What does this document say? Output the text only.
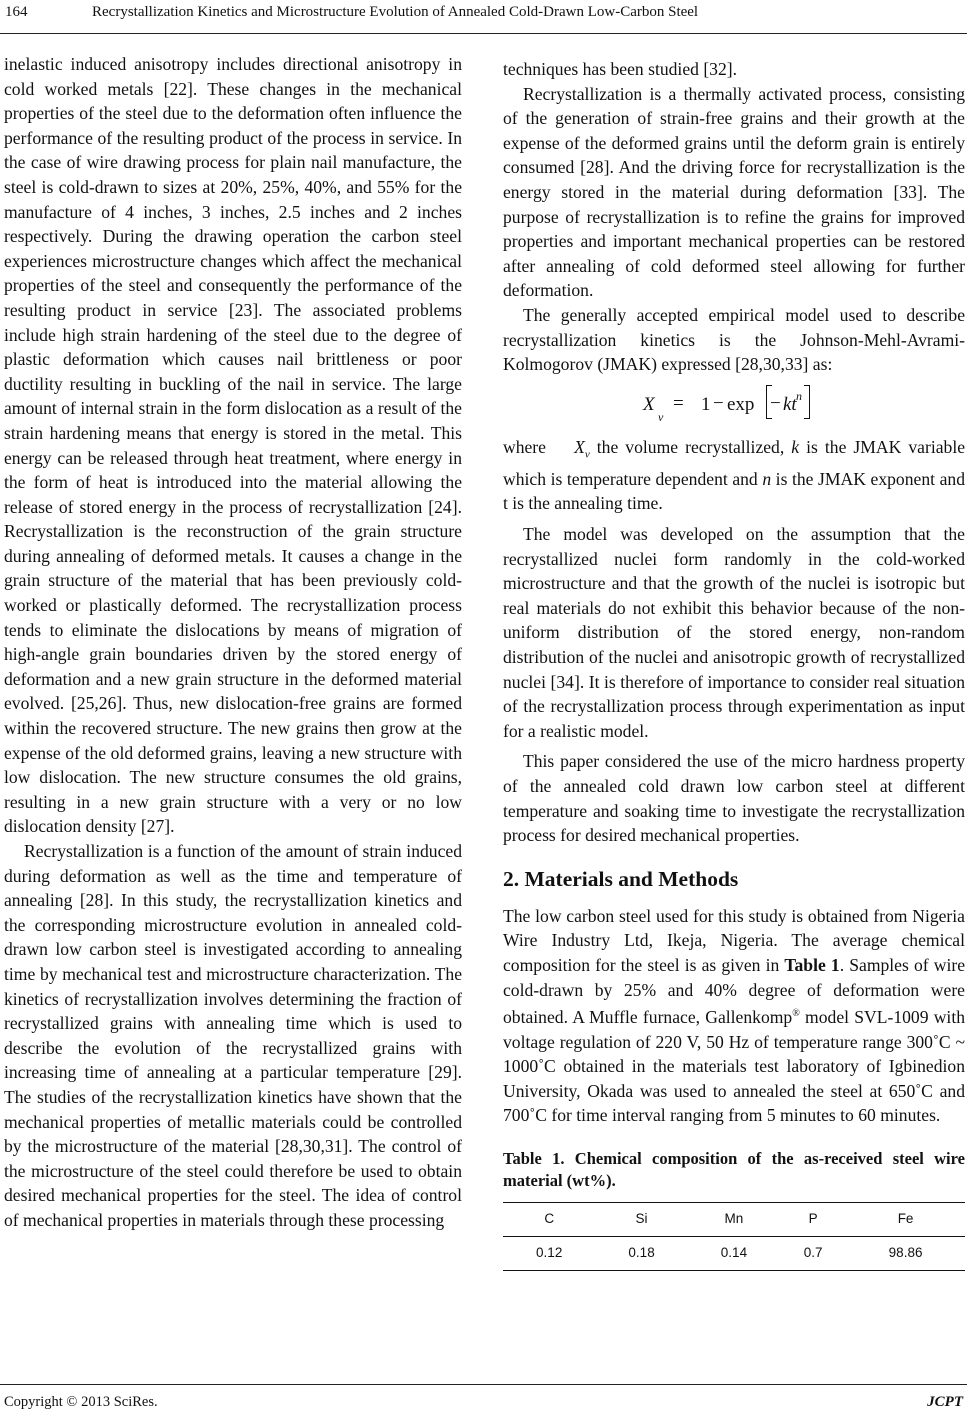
164	Recrystallization Kinetics and Microstructure Evolution of Annealed Cold-Drawn Low-Carbon Steel

inelastic induced anisotropy includes directional anisotropy in cold worked metals [22]. These changes in the mechanical properties of the steel due to the deformation often influence the performance of the resulting product of the process in service. In the case of wire drawing process for plain nail manufacture, the steel is cold-drawn to sizes at 20%, 25%, 40%, and 55% for the manufacture of 4 inches, 3 inches, 2.5 inches and 2 inches respectively. During the drawing operation the carbon steel experiences microstructure changes which affect the mechanical properties of the steel and consequently the performance of the resulting product in service [23]. The associated problems include high strain hardening of the steel due to the degree of plastic deformation which causes nail brittleness or poor ductility resulting in buckling of the nail in service. The large amount of internal strain in the form dislocation as a result of the strain hardening means that energy is stored in the metal. This energy can be released through heat treatment, where energy in the form of heat is introduced into the material allowing the release of stored energy in the process of recrystallization [24]. Recrystallization is the reconstruction of the grain structure during annealing of deformed metals. It causes a change in the grain structure of the material that has been previously cold-worked or plastically deformed. The recrystallization process tends to eliminate the dislocations by means of migration of high-angle grain boundaries driven by the stored energy of deformation and a new grain structure in the deformed material evolved. [25,26]. Thus, new dislocation-free grains are formed within the recovered structure. The new grains then grow at the expense of the old deformed grains, leaving a new structure with low dislocation. The new structure consumes the old grains, resulting in a new grain structure with a very or no low dislocation density [27].

Recrystallization is a function of the amount of strain induced during deformation as well as the time and temperature of annealing [28]. In this study, the recrystallization kinetics and the corresponding microstructure evolution in annealed cold-drawn low carbon steel is investigated according to annealing time by mechanical test and microstructure characterization. The kinetics of recrystallization involves determining the fraction of recrystallized grains with annealing time which is used to describe the evolution of the recrystallized grains with increasing time of annealing at a particular temperature [29]. The studies of the recrystallization kinetics have shown that the mechanical properties of metallic materials could be controlled by the microstructure of the material [28,30,31]. The control of the microstructure of the steel could therefore be used to obtain desired mechanical properties for the steel. The idea of control of mechanical properties in materials through these processing

techniques has been studied [32].

Recrystallization is a thermally activated process, consisting of the generation of strain-free grains and their growth at the expense of the deformed grains until the deform grain is entirely consumed [28]. And the driving force for recrystallization is the energy stored in the material during deformation [33]. The purpose of recrystallization is to refine the grains for improved properties and important mechanical properties can be restored after annealing of cold deformed steel allowing for further deformation.

The generally accepted empirical model used to describe recrystallization kinetics is the Johnson-Mehl-Avrami-Kolmogorov (JMAK) expressed [28,30,33] as:

X
v
= 1 − exp − kt n

where $X_v$ the volume recrystallized, k is the JMAK variable which is temperature dependent and n is the JMAK exponent and t is the annealing time.

The model was developed on the assumption that the recrystallized nuclei form randomly in the cold-worked microstructure and that the growth of the nuclei is isotropic but real materials do not exhibit this behavior because of the non-uniform distribution of the stored energy, non-random distribution of the nuclei and anisotropic growth of recrystallized nuclei [34]. It is therefore of importance to consider real situation of the recrystallization process through experimentation as input for a realistic model.

This paper considered the use of the micro hardness property of the annealed cold drawn low carbon steel at different temperature and soaking time to investigate the recrystallization process for desired mechanical properties.

2. Materials and Methods

The low carbon steel used for this study is obtained from Nigeria Wire Industry Ltd, Ikeja, Nigeria. The average chemical composition for the steel is as given in Table 1. Samples of wire cold-drawn by 25% and 40% degree of deformation were obtained. A Muffle furnace, Gallenkomp® model SVL-1009 with voltage regulation of 220 V, 50 Hz of temperature range 300˚C ~ 1000˚C obtained in the materials test laboratory of Igbinedion University, Okada was used to annealed the steel at 650˚C and 700˚C for time interval ranging from 5 minutes to 60 minutes.

Table 1. Chemical composition of the as-received steel wire material (wt%).
C	Si	Mn	P	Fe
0.12	0.18	0.14	0.7	98.86
Copyright © 2013 SciRes.	JCPT
